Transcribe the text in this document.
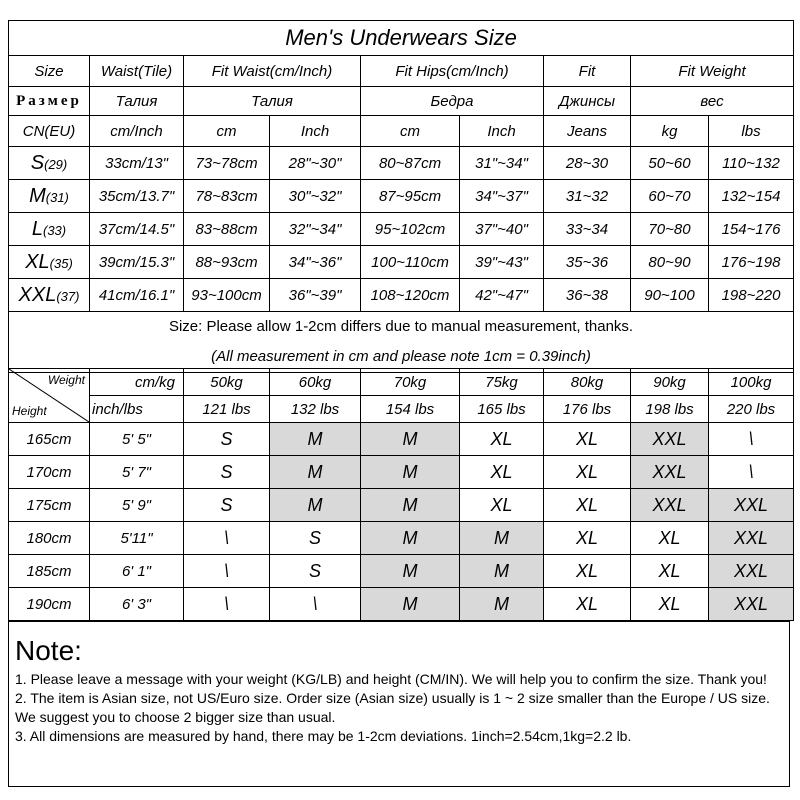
Men's Underwears Size								
Size	Waist(Tile)	Fit Waist(cm/Inch)		Fit Hips(cm/Inch)		Fit	Fit Weight	
Размер	Талия	Талия		Бедра		Джинсы	вес	
CN(EU)	cm/Inch	cm	Inch	cm	Inch	Jeans	kg	lbs
S(29)	33cm/13"	73~78cm	28"~30"	80~87cm	31"~34"	28~30	50~60	110~132
M(31)	35cm/13.7"	78~83cm	30"~32"	87~95cm	34"~37"	31~32	60~70	132~154
L(33)	37cm/14.5"	83~88cm	32"~34"	95~102cm	37"~40"	33~34	70~80	154~176
XL(35)	39cm/15.3"	88~93cm	34"~36"	100~110cm	39"~43"	35~36	80~90	176~198
XXL(37)	41cm/16.1"	93~100cm	36"~39"	108~120cm	42"~47"	36~38	90~100	198~220

Size: Please allow 1-2cm differs due to manual measurement, thanks.
(All measurement in cm and please note 1cm = 0.39inch)								
Weight
Height	cm/kg	50kg	60kg	70kg	75kg	80kg	90kg	100kg
	inch/lbs	121 lbs	132 lbs	154 lbs	165 lbs	176 lbs	198 lbs	220 lbs
165cm	5' 5"	S	M	M	XL	XL	XXL	\
170cm	5' 7"	S	M	M	XL	XL	XXL	\
175cm	5' 9"	S	M	M	XL	XL	XXL	XXL
180cm	5'11"	\	S	M	M	XL	XL	XXL
185cm	6' 1"	\	S	M	M	XL	XL	XXL
190cm	6' 3"	\	\	M	M	XL	XL	XXL
Note:
1. Please leave a message with your weight (KG/LB) and height (CM/IN). We will help you to confirm the size. Thank you!
2. The item is Asian size, not US/Euro size. Order size (Asian size) usually is 1 ~ 2 size smaller than the Europe / US size.
We suggest you to choose 2 bigger size than usual.
3. All dimensions are measured by hand, there may be 1-2cm deviations. 1inch=2.54cm,1kg=2.2 lb.
